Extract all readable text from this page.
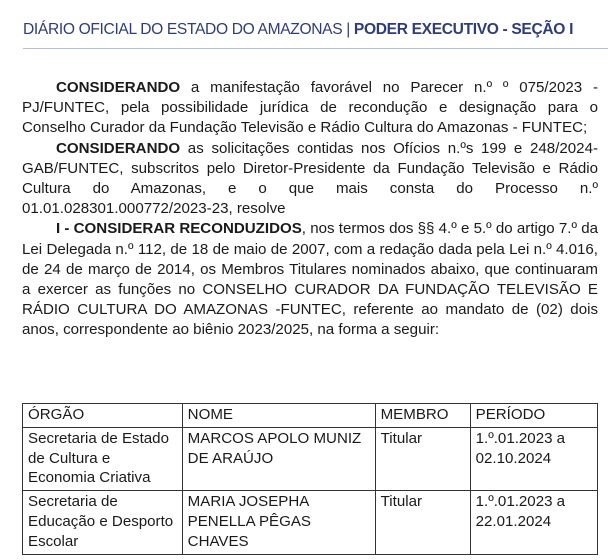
DIÁRIO OFICIAL DO ESTADO DO AMAZONAS | PODER EXECUTIVO - SEÇÃO I

CONSIDERANDO a manifestação favorável no Parecer n.º º 075/2023 - PJ/FUNTEC, pela possibilidade jurídica de recondução e designação para o Conselho Curador da Fundação Televisão e Rádio Cultura do Amazonas - FUNTEC;

CONSIDERANDO as solicitações contidas nos Ofícios n.ºs 199 e 248/2024-GAB/FUNTEC, subscritos pelo Diretor-Presidente da Fundação Televisão e Rádio Cultura do Amazonas, e o que mais consta do Processo n.º 01.01.028301.000772/2023-23, resolve

I - CONSIDERAR RECONDUZIDOS, nos termos dos §§ 4.º e 5.º do artigo 7.º da Lei Delegada n.º 112, de 18 de maio de 2007, com a redação dada pela Lei n.º 4.016, de 24 de março de 2014, os Membros Titulares nominados abaixo, que continuaram a exercer as funções no CONSELHO CURADOR DA FUNDAÇÃO TELEVISÃO E RÁDIO CULTURA DO AMAZONAS -FUNTEC, referente ao mandato de (02) dois anos, correspondente ao biênio 2023/2025, na forma a seguir:

ÓRGÃO	NOME	MEMBRO	PERÍODO
Secretaria de Estado de Cultura e Economia Criativa	MARCOS APOLO MUNIZ DE ARAÚJO	Titular	1.º.01.2023 a 02.10.2024
Secretaria de Educação e Desporto Escolar	MARIA JOSEPHA PENELLA PÊGAS CHAVES	Titular	1.º.01.2023 a 22.01.2024
